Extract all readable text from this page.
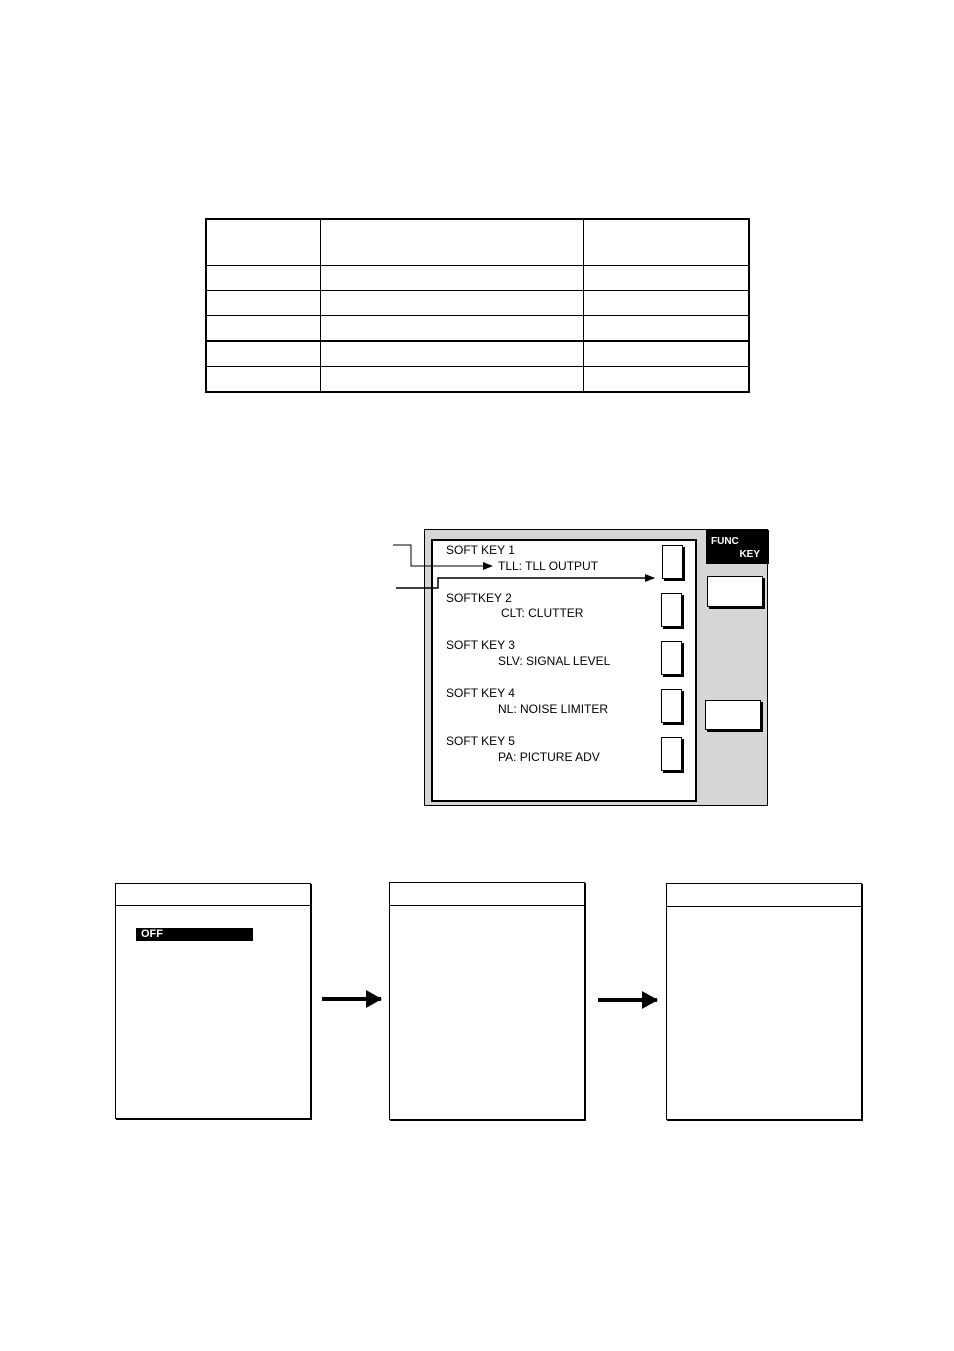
FUNC
KEY
SOFT KEY 1
TLL: TLL OUTPUT
SOFTKEY 2
CLT: CLUTTER
SOFT KEY 3
SLV: SIGNAL LEVEL
SOFT KEY 4
NL: NOISE LIMITER
SOFT KEY 5
PA: PICTURE ADV
OFF
